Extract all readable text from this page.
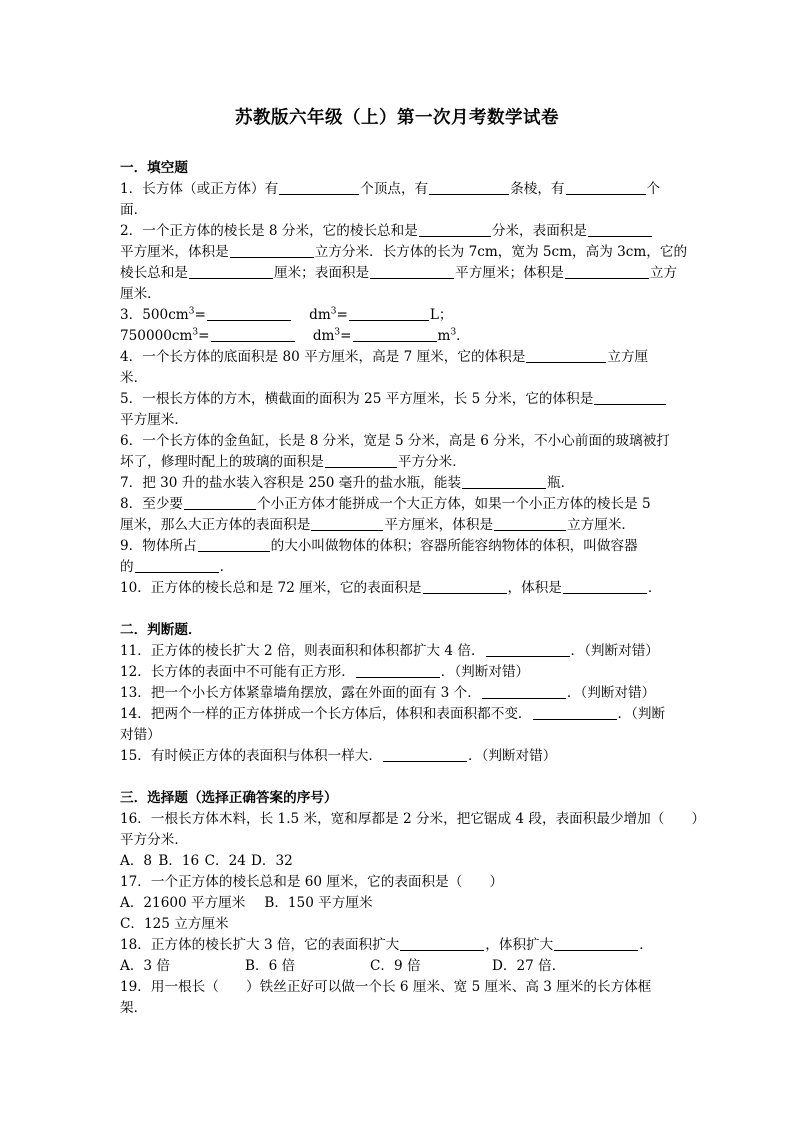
苏教版六年级（上）第一次月考数学试卷
一．填空题
1．长方体（或正方体）有	个顶点，有	条棱，有	个
面．
2．一个正方体的棱长是 8 分米，它的棱长总和是	分米，表面积是
平方厘米，体积是	立方分米．长方体的长为 7cm，宽为 5cm，高为 3cm，它的
棱长总和是	厘米；表面积是	平方厘米；体积是	立方
厘米．
3．$500cm^3=$	$dm^3=$	L；
$750000cm^3=$	$dm^3=$	$m^3$．
4．一个长方体的底面积是 80 平方厘米，高是 7 厘米，它的体积是	立方厘
米．
5．一根长方体的方木，横截面的面积为 25 平方厘米，长 5 分米，它的体积是
平方厘米．
6．一个长方体的金鱼缸，长是 8 分米，宽是 5 分米，高是 6 分米，不小心前面的玻璃被打
坏了，修理时配上的玻璃的面积是	平方分米．
7．把 30 升的盐水装入容积是 250 毫升的盐水瓶，能装	瓶．
8．至少要	个小正方体才能拼成一个大正方体，如果一个小正方体的棱长是 5
厘米，那么大正方体的表面积是	平方厘米，体积是	立方厘米．
9．物体所占	的大小叫做物体的体积；容器所能容纳物体的体积，叫做容器
的	．
10．正方体的棱长总和是 72 厘米，它的表面积是	，体积是	．
二．判断题．
11．正方体的棱长扩大 2 倍，则表面积和体积都扩大 4 倍．	．（判断对错）
12．长方体的表面中不可能有正方形．	．（判断对错）
13．把一个小长方体紧靠墙角摆放，露在外面的面有 3 个．	．（判断对错）
14．把两个一样的正方体拼成一个长方体后，体积和表面积都不变．	．（判断
对错）
15．有时候正方体的表面积与体积一样大．	．（判断对错）
三．选择题（选择正确答案的序号）
16．一根长方体木料，长 1.5 米，宽和厚都是 2 分米，把它锯成 4 段，表面积最少增加（　　）
平方分米．
A．8 B．16 C．24 D．32
17．一个正方体的棱长总和是 60 厘米，它的表面积是（　　）
A．21600 平方厘米 B．150 平方厘米
C．125 立方厘米
18．正方体的棱长扩大 3 倍，它的表面积扩大	，体积扩大	．
A．3 倍	B．6 倍	C．9 倍	D．27 倍．
19．用一根长（　　）铁丝正好可以做一个长 6 厘米、宽 5 厘米、高 3 厘米的长方体框
架．
